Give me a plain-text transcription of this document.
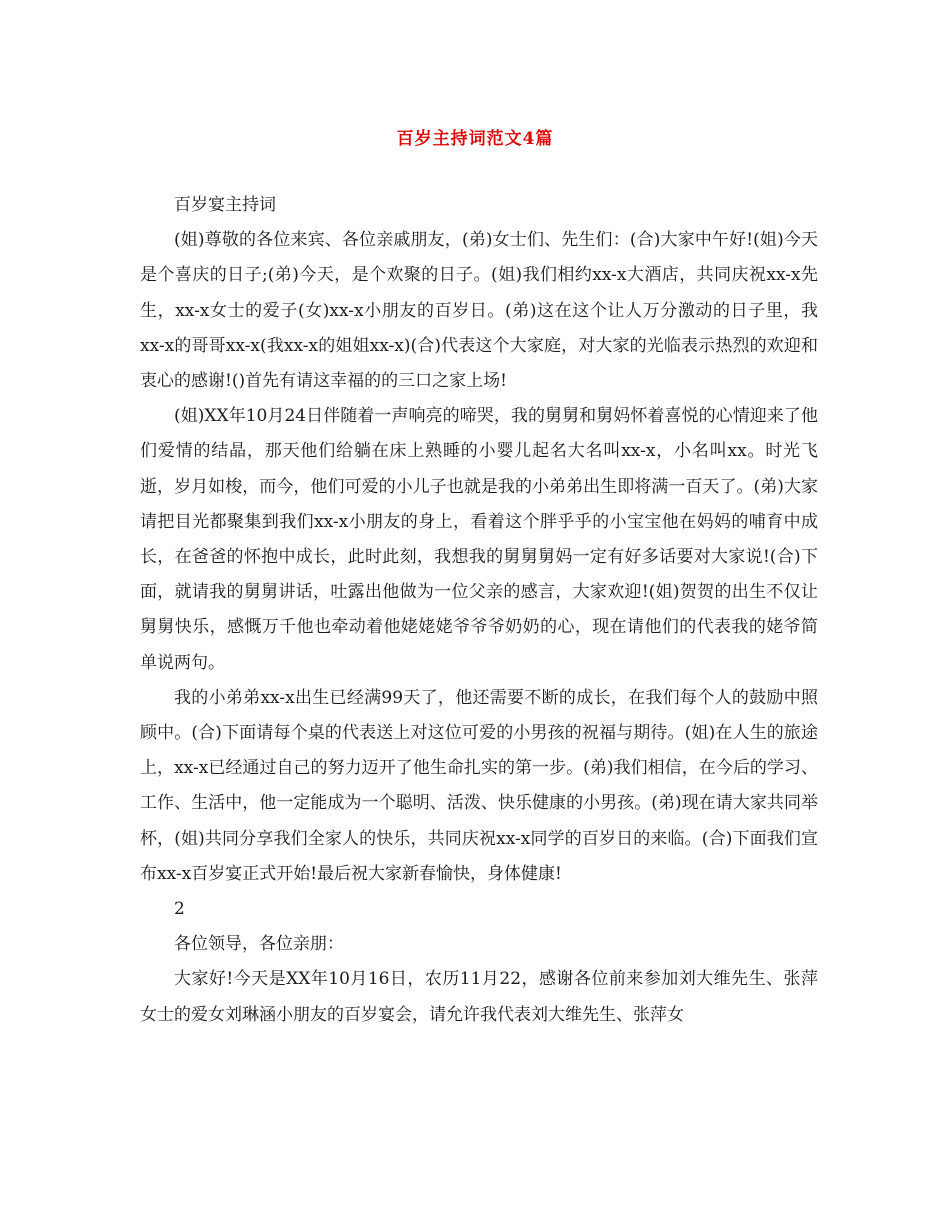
百岁主持词范文4篇

百岁宴主持词

(姐)尊敬的各位来宾、各位亲戚朋友，(弟)女士们、先生们：(合)大家中午好!(姐)今天是个喜庆的日子;(弟)今天，是个欢聚的日子。(姐)我们相约xx-x大酒店，共同庆祝xx-x先生，xx-x女士的爱子(女)xx-x小朋友的百岁日。(弟)这在这个让人万分激动的日子里，我xx-x的哥哥xx-x(我xx-x的姐姐xx-x)(合)代表这个大家庭，对大家的光临表示热烈的欢迎和衷心的感谢!()首先有请这幸福的的三口之家上场!

(姐)XX年10月24日伴随着一声响亮的啼哭，我的舅舅和舅妈怀着喜悦的心情迎来了他们爱情的结晶，那天他们给躺在床上熟睡的小婴儿起名大名叫xx-x，小名叫xx。时光飞逝，岁月如梭，而今，他们可爱的小儿子也就是我的小弟弟出生即将满一百天了。(弟)大家请把目光都聚集到我们xx-x小朋友的身上，看着这个胖乎乎的小宝宝他在妈妈的哺育中成长，在爸爸的怀抱中成长，此时此刻，我想我的舅舅舅妈一定有好多话要对大家说!(合)下面，就请我的舅舅讲话，吐露出他做为一位父亲的感言，大家欢迎!(姐)贺贺的出生不仅让舅舅快乐，感慨万千他也牵动着他姥姥姥爷爷爷奶奶的心，现在请他们的代表我的姥爷简单说两句。

我的小弟弟xx-x出生已经满99天了，他还需要不断的成长，在我们每个人的鼓励中照顾中。(合)下面请每个桌的代表送上对这位可爱的小男孩的祝福与期待。(姐)在人生的旅途上，xx-x已经通过自己的努力迈开了他生命扎实的第一步。(弟)我们相信，在今后的学习、工作、生活中，他一定能成为一个聪明、活泼、快乐健康的小男孩。(弟)现在请大家共同举杯，(姐)共同分享我们全家人的快乐，共同庆祝xx-x同学的百岁日的来临。(合)下面我们宣布xx-x百岁宴正式开始!最后祝大家新春愉快，身体健康!

2

各位领导，各位亲朋：

大家好!今天是XX年10月16日，农历11月22，感谢各位前来参加刘大维先生、张萍女士的爱女刘琳涵小朋友的百岁宴会，请允许我代表刘大维先生、张萍女
